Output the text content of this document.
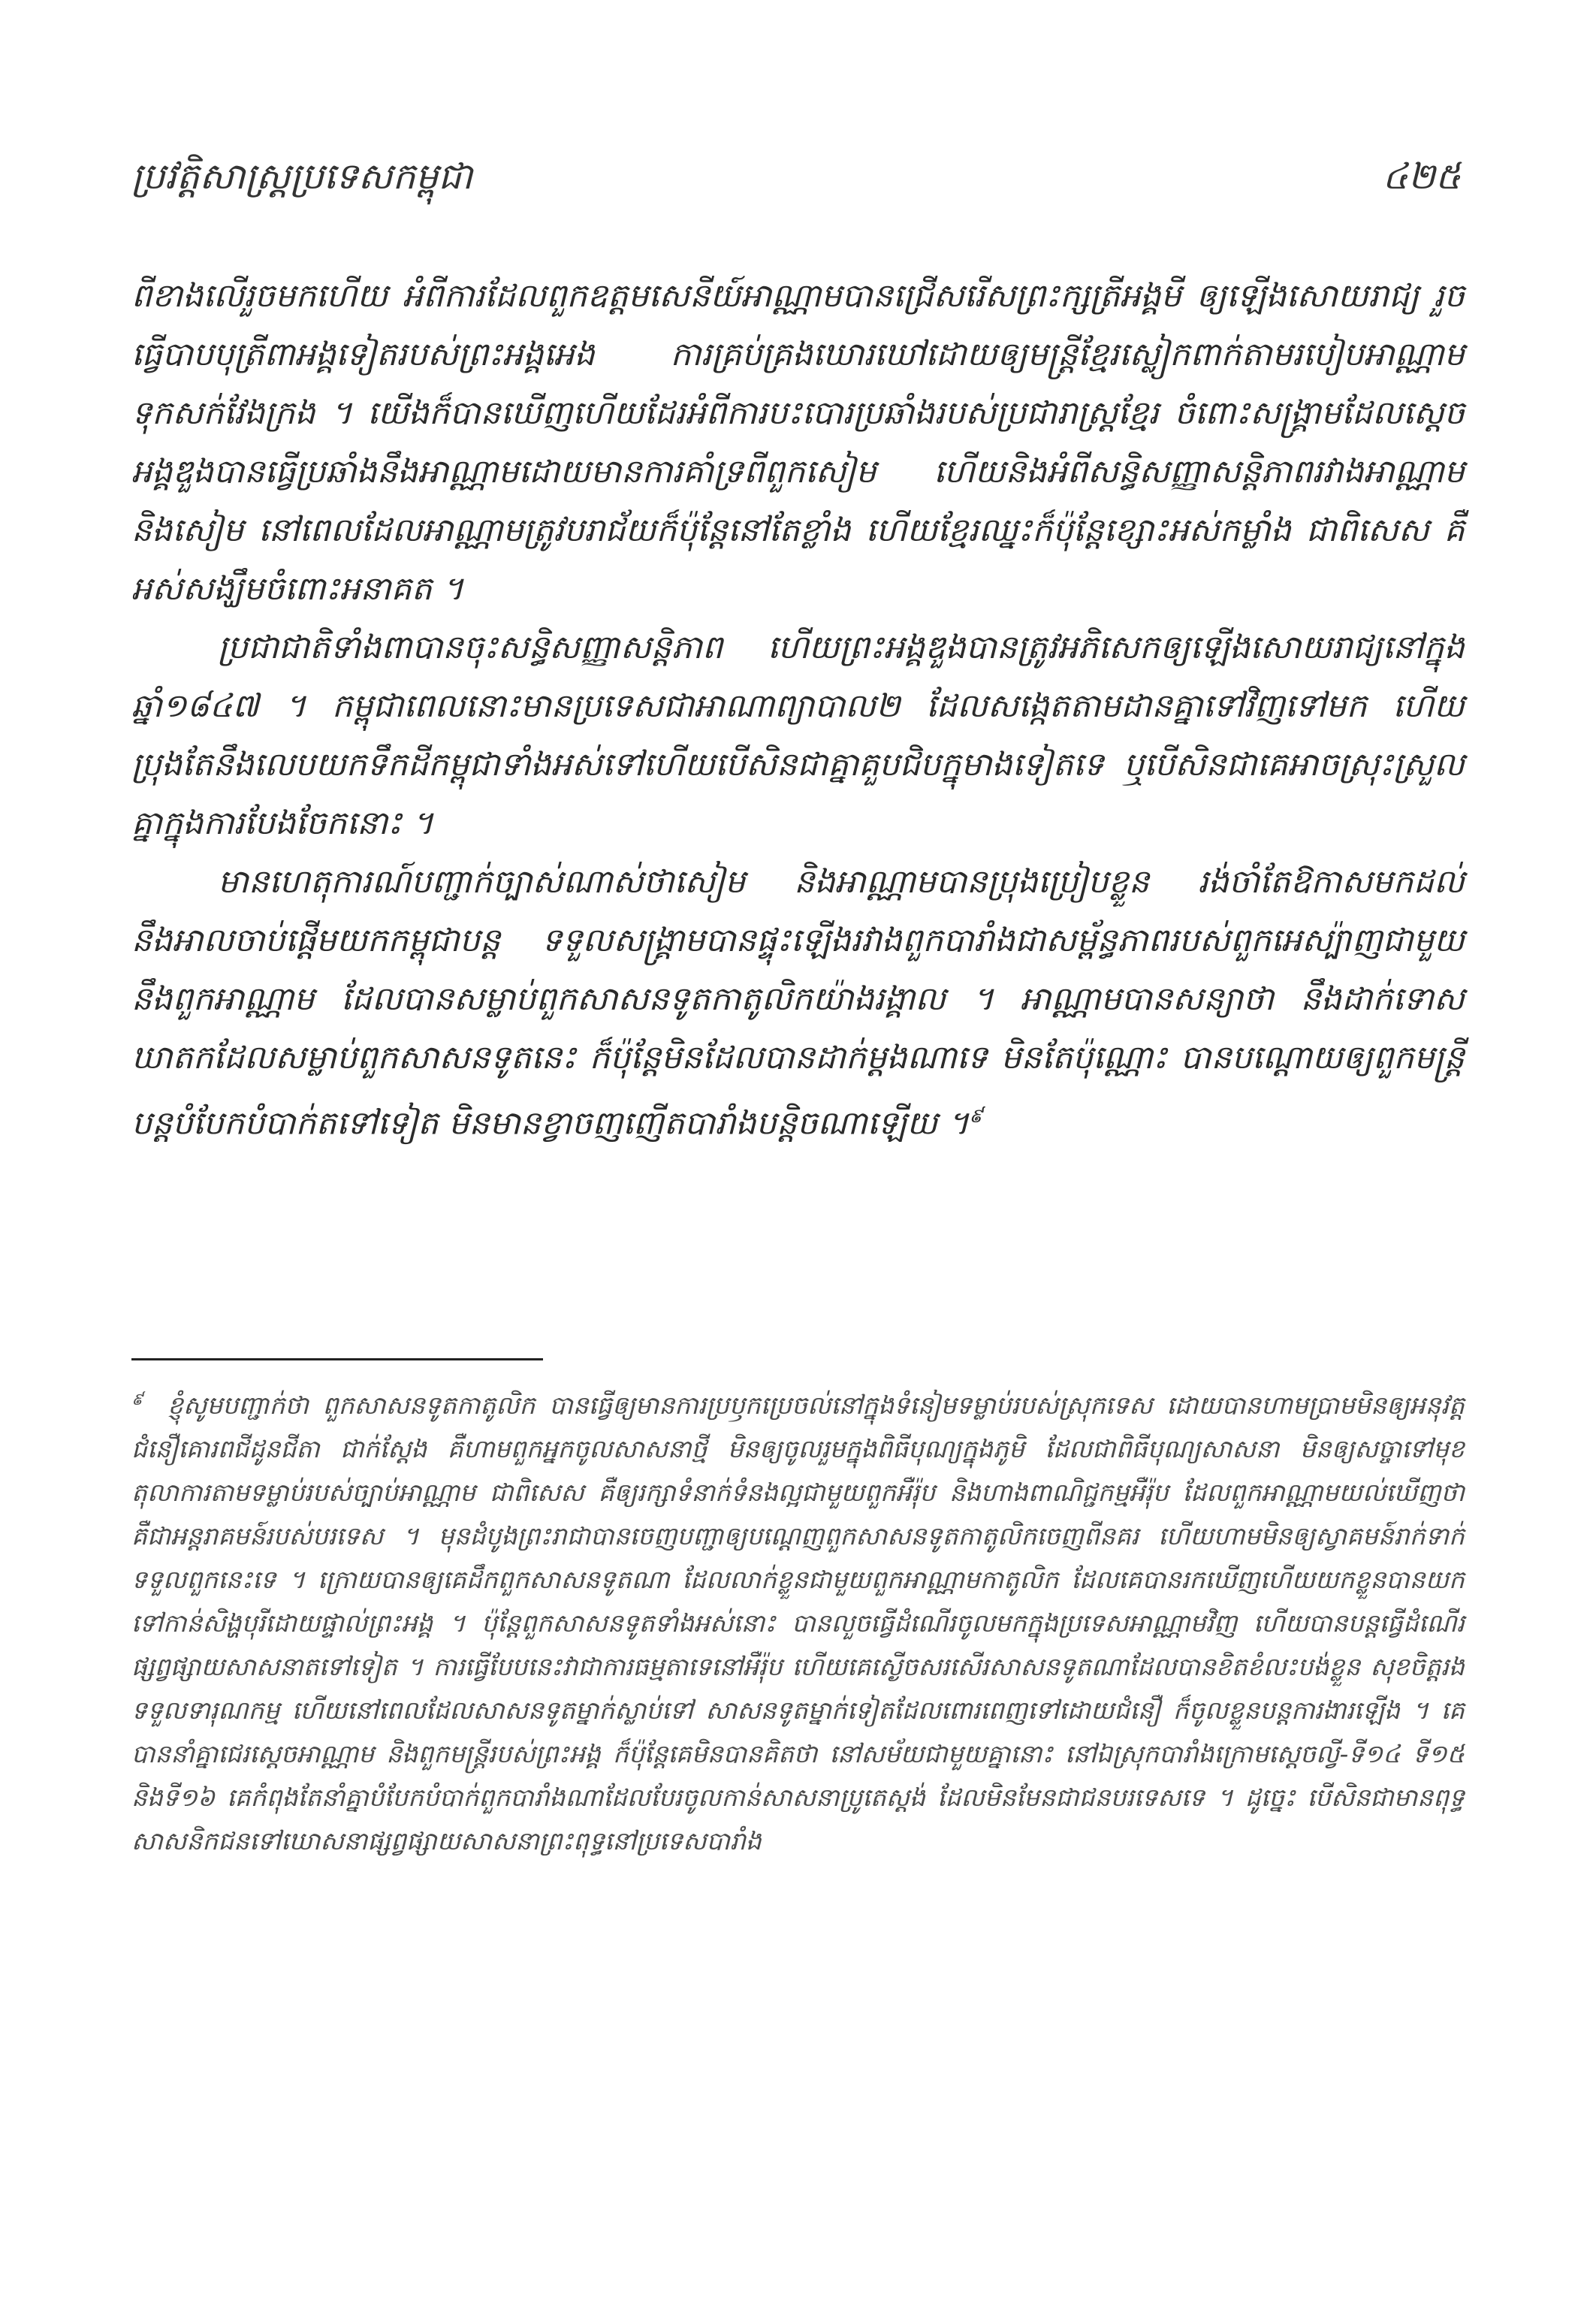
ប្រវត្តិសាស្ត្រប្រទេសកម្ពុជា	៤២៥

ពីខាងលើរួចមកហើយ អំពីការដែលពួកឧត្តមសេនីយ៍អាណ្ណាមបានជ្រើសរើសព្រះក្សត្រីអង្គមី ឲ្យឡើងសោយរាជ្យ រួចធ្វើបាបបុត្រីពាអង្គទៀតរបស់ព្រះអង្គអេង ការគ្រប់គ្រងឃោរឃៅដោយឲ្យមន្ត្រីខ្មែរស្លៀកពាក់តាមរបៀបអាណ្ណាម ទុកសក់វែងក្រង ។ យើងក៏បានឃើញហើយដែរអំពីការបះបោរប្រឆាំងរបស់ប្រជារាស្ត្រខ្មែរ ចំពោះសង្គ្រាមដែលស្តេចអង្គឌួងបានធ្វើប្រឆាំងនឹងអាណ្ណាមដោយមានការគាំទ្រពីពួកសៀម ហើយនិងអំពីសន្ធិសញ្ញាសន្តិភាពរវាងអាណ្ណាម និងសៀម នៅពេលដែលអាណ្ណាមត្រូវបរាជ័យក៏ប៉ុន្តែនៅតែខ្លាំង ហើយខ្មែរឈ្នះក៏ប៉ុន្តែខ្សោះអស់កម្លាំង ជាពិសេស គឺអស់សង្ឃឹមចំពោះអនាគត ។

ប្រជាជាតិទាំងពាបានចុះសន្ធិសញ្ញាសន្តិភាព ហើយព្រះអង្គឌួងបានត្រូវអភិសេកឲ្យឡើងសោយរាជ្យនៅក្នុងឆ្នាំ១៨៤៧ ។ កម្ពុជាពេលនោះមានប្រទេសជាអាណាព្យាបាល២ ដែលសង្កេតតាមដានគ្នាទៅវិញទៅមក ហើយប្រុងតែនឹងលេបយកទឹកដីកម្ពុជាទាំងអស់ទៅហើយបើសិនជាគ្នាគួបជិបក្នុមាងទៀតទេ ឬបើសិនជាគេអាចស្រុះស្រួលគ្នាក្នុងការបែងចែកនោះ ។

មានហេតុការណ៍បញ្ជាក់ច្បាស់ណាស់ថាសៀម និងអាណ្ណាមបានប្រុងប្រៀបខ្លួន រង់ចាំតែឱកាសមកដល់នឹងអាលចាប់ផ្ដើមយកកម្ពុជាបន្ត ទទួលសង្គ្រាមបានផ្ទុះឡើងរវាងពួកបារាំងជាសម្ព័ន្ធភាពរបស់ពួកអេស្ប៉ាញជាមួយនឹងពួកអាណ្ណាម ដែលបានសម្លាប់ពួកសាសនទូតកាតូលិកយ៉ាងរង្គាល ។ អាណ្ណាមបានសន្យាថា នឹងដាក់ទោសឃាតកដែលសម្លាប់ពួកសាសនទូតនេះ ក៏ប៉ុន្តែមិនដែលបានដាក់ម្តងណាទេ មិនតែប៉ុណ្ណោះ បានបណ្តោយឲ្យពួកមន្ត្រីបន្តបំបែកបំបាក់តទៅទៀត មិនមានខ្វាចញញើតបារាំងបន្តិចណាឡើយ ។$^៩$

៩ ខ្ញុំសូមបញ្ជាក់ថា ពួកសាសនទូតកាតូលិក បានធ្វើឲ្យមានការប្រឫកប្រេចល់នៅក្នុងទំនៀមទម្លាប់របស់ស្រុកទេស ដោយបានហាមប្រាមមិនឲ្យអនុវត្តជំនឿគោរពជីដូនជីតា ជាក់ស្តែង គឺហាមពួកអ្នកចូលសាសនាថ្មី មិនឲ្យចូលរួមក្នុងពិធីបុណ្យក្នុងភូមិ ដែលជាពិធីបុណ្យសាសនា មិនឲ្យសច្ចាទៅមុខតុលាការតាមទម្លាប់របស់ច្បាប់អាណ្ណាម ជាពិសេស គឺឲ្យរក្សាទំនាក់ទំនងល្អជាមួយពួកអឺរ៉ុប និងហាងពាណិជ្ជកម្មអឺរ៉ុប ដែលពួកអាណ្ណាមយល់ឃើញថា គឺជាអន្តរាគមន៍របស់បរទេស ។ មុនដំបូងព្រះរាជាបានចេញបញ្ជាឲ្យបណ្តេញពួកសាសនទូតកាតូលិកចេញពីនគរ ហើយហាមមិនឲ្យស្វាគមន៍រាក់ទាក់ទទួលពួកនេះទេ ។ ក្រោយបានឲ្យគេដឹកពួកសាសនទូតណា ដែលលាក់ខ្លួនជាមួយពួកអាណ្ណាមកាតូលិក ដែលគេបានរកឃើញហើយយកខ្លួនបានយកទៅកាន់សិង្ហបុរីដោយផ្ទាល់ព្រះអង្គ ។ ប៉ុន្តែពួកសាសនទូតទាំងអស់នោះ បានលួចធ្វើដំណើរចូលមកក្នុងប្រទេសអាណ្ណាមវិញ ហើយបានបន្តធ្វើដំណើរផ្សព្វផ្សាយសាសនាតទៅទៀត ។ ការធ្វើបែបនេះវាជាការធម្មតាទេនៅអឺរ៉ុប ហើយគេស្ងើចសរសើរសាសនទូតណាដែលបានខិតខំលះបង់ខ្លួន សុខចិត្តរងទទួលទារុណកម្ម ហើយនៅពេលដែលសាសនទូតម្នាក់ស្លាប់ទៅ សាសនទូតម្នាក់ទៀតដែលពោរពេញទៅដោយជំនឿ ក៏ចូលខ្លួនបន្តការងារឡើង ។ គេបាននាំគ្នាជេរស្តេចអាណ្ណាម និងពួកមន្ត្រីរបស់ព្រះអង្គ ក៏ប៉ុន្តែគេមិនបានគិតថា នៅសម័យជាមួយគ្នានោះ នៅឯស្រុកបារាំងក្រោមស្តេចល្វី-ទី១៤ ទី១៥ និងទី១៦ គេកំពុងតែនាំគ្នាបំបែកបំបាក់ពួកបារាំងណាដែលបែរចូលកាន់សាសនាប្រូតេស្តង់ ដែលមិនមែនជាជនបរទេសទេ ។ ដូច្នេះ បើសិនជាមានពុទ្ធសាសនិកជនទៅឃោសនាផ្សព្វផ្សាយសាសនាព្រះពុទ្ធនៅប្រទេសបារាំង
